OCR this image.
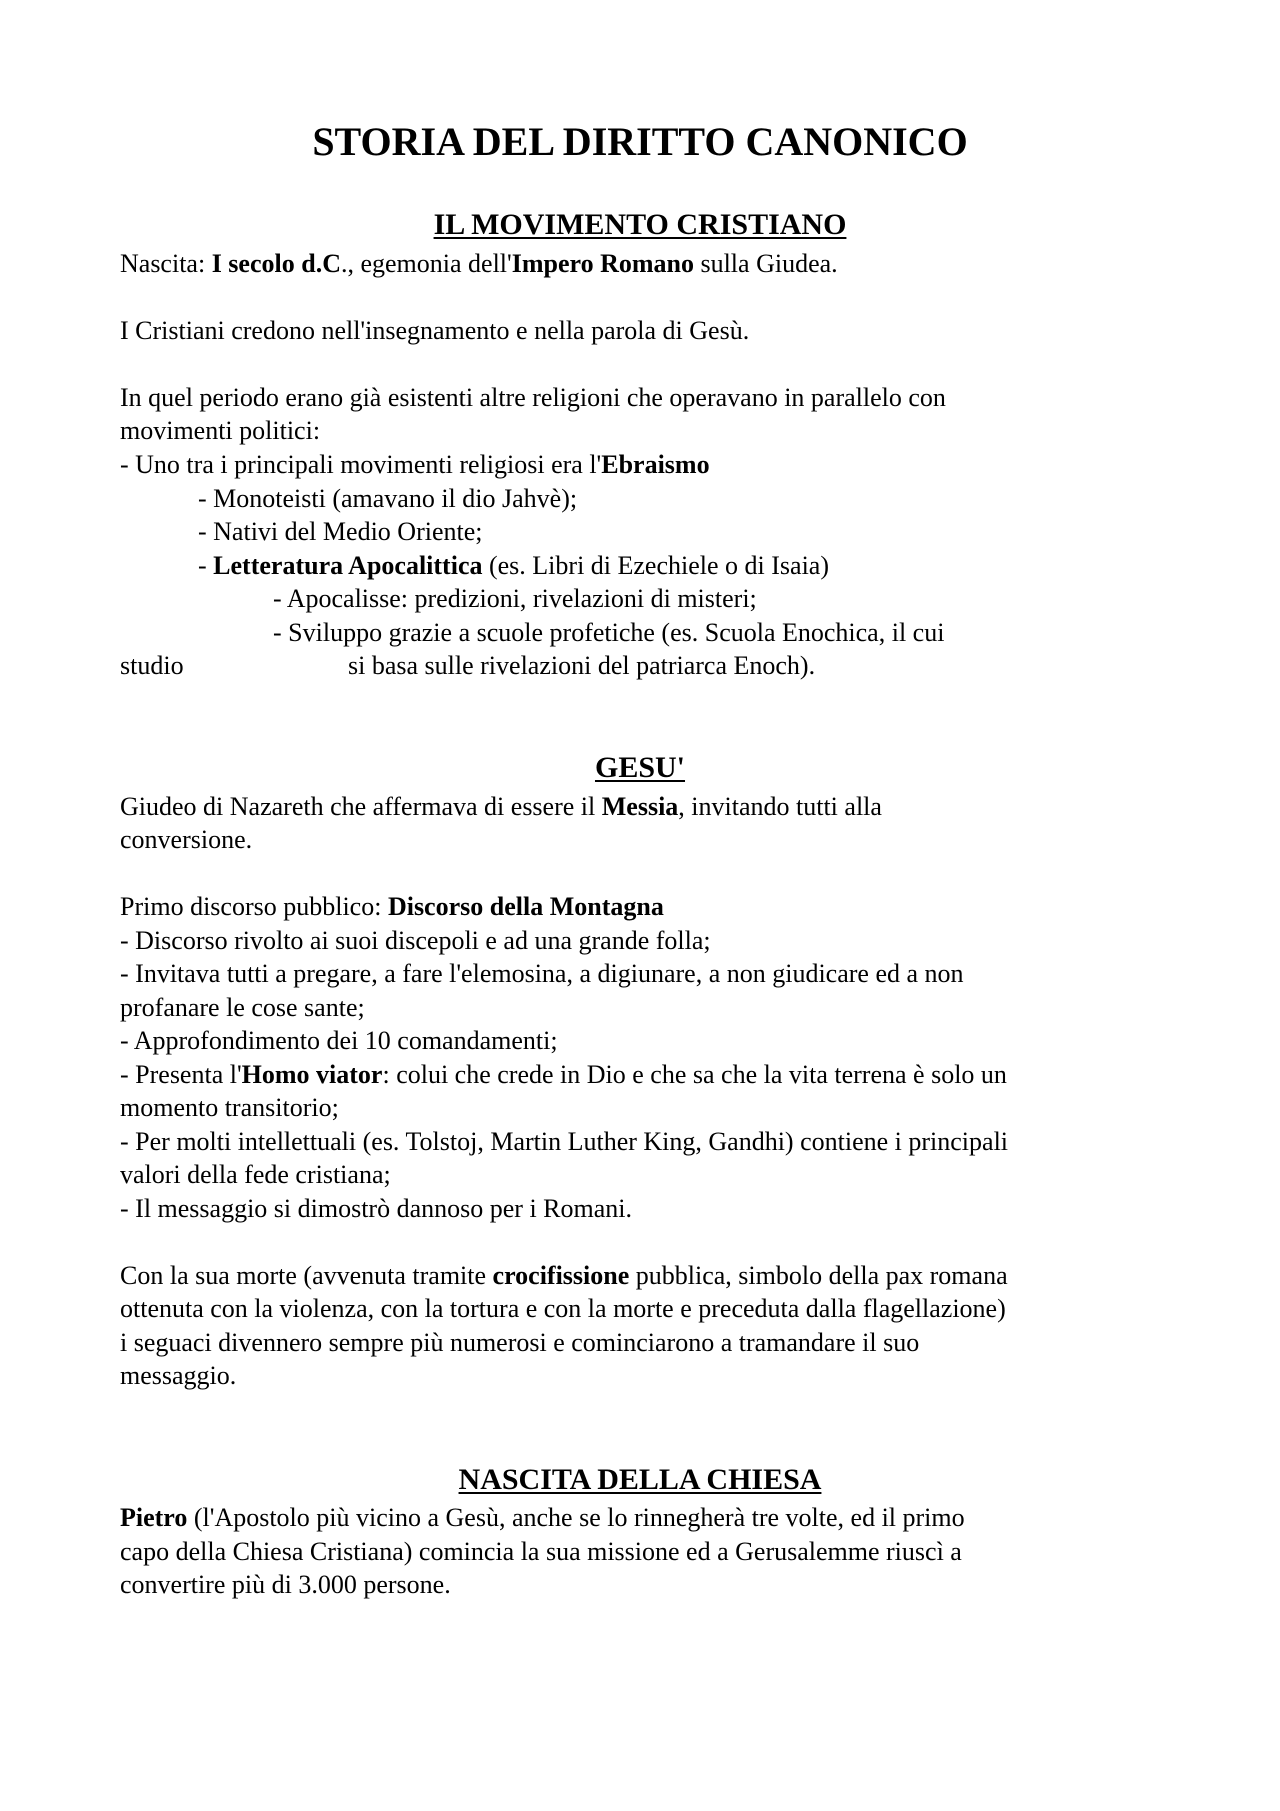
STORIA DEL DIRITTO CANONICO
IL MOVIMENTO CRISTIANO
Nascita: I secolo d.C., egemonia dell'Impero Romano sulla Giudea.
I Cristiani credono nell'insegnamento e nella parola di Gesù.
In quel periodo erano già esistenti altre religioni che operavano in parallelo con
movimenti politici:
- Uno tra i principali movimenti religiosi era l'Ebraismo
- Monoteisti (amavano il dio Jahvè);
- Nativi del Medio Oriente;
- Letteratura Apocalittica (es. Libri di Ezechiele o di Isaia)
- Apocalisse: predizioni, rivelazioni di misteri;
- Sviluppo grazie a scuole profetiche (es. Scuola Enochica, il cui
studio	si basa sulle rivelazioni del patriarca Enoch).
GESU'
Giudeo di Nazareth che affermava di essere il Messia, invitando tutti alla
conversione.
Primo discorso pubblico: Discorso della Montagna
- Discorso rivolto ai suoi discepoli e ad una grande folla;
- Invitava tutti a pregare, a fare l'elemosina, a digiunare, a non giudicare ed a non
profanare le cose sante;
- Approfondimento dei 10 comandamenti;
- Presenta l'Homo viator: colui che crede in Dio e che sa che la vita terrena è solo un
momento transitorio;
- Per molti intellettuali (es. Tolstoj, Martin Luther King, Gandhi) contiene i principali
valori della fede cristiana;
- Il messaggio si dimostrò dannoso per i Romani.
Con la sua morte (avvenuta tramite crocifissione pubblica, simbolo della pax romana
ottenuta con la violenza, con la tortura e con la morte e preceduta dalla flagellazione)
i seguaci divennero sempre più numerosi e cominciarono a tramandare il suo
messaggio.
NASCITA DELLA CHIESA
Pietro (l'Apostolo più vicino a Gesù, anche se lo rinnegherà tre volte, ed il primo
capo della Chiesa Cristiana) comincia la sua missione ed a Gerusalemme riuscì a
convertire più di 3.000 persone.
